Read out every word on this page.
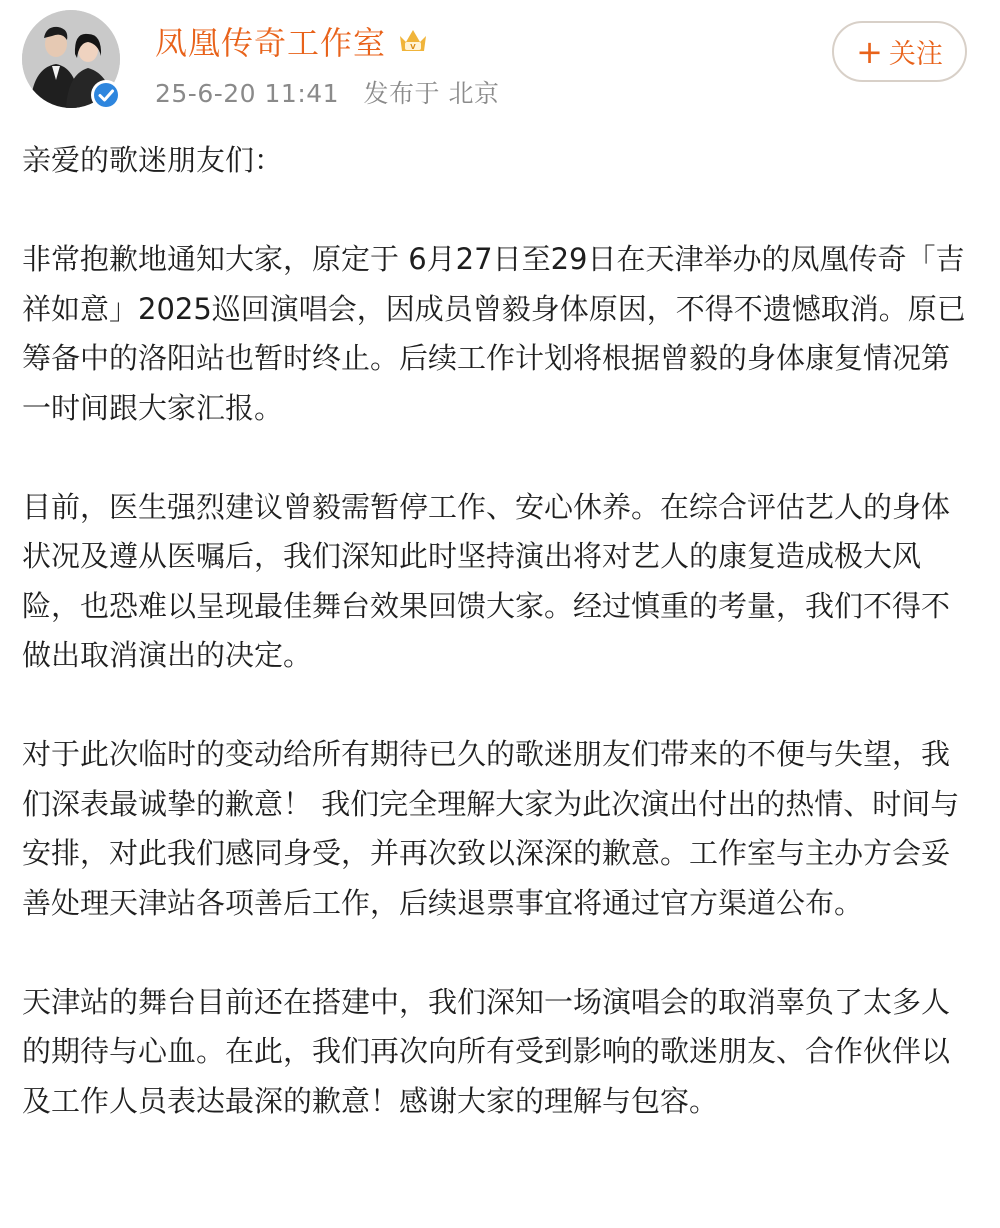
凤凰传奇工作室	V
25-6-20 11:41 发布于 北京
+ 关注

亲爱的歌迷朋友们：

非常抱歉地通知大家，原定于 6月27日至29日在天津举办的凤凰传奇「吉祥如意」2025巡回演唱会，因成员曾毅身体原因，不得不遗憾取消。原已筹备中的洛阳站也暂时终止。后续工作计划将根据曾毅的身体康复情况第一时间跟大家汇报。

目前，医生强烈建议曾毅需暂停工作、安心休养。在综合评估艺人的身体状况及遵从医嘱后，我们深知此时坚持演出将对艺人的康复造成极大风险，也恐难以呈现最佳舞台效果回馈大家。经过慎重的考量，我们不得不做出取消演出的决定。

对于此次临时的变动给所有期待已久的歌迷朋友们带来的不便与失望，我们深表最诚挚的歉意！ 我们完全理解大家为此次演出付出的热情、时间与安排，对此我们感同身受，并再次致以深深的歉意。工作室与主办方会妥善处理天津站各项善后工作，后续退票事宜将通过官方渠道公布。

天津站的舞台目前还在搭建中，我们深知一场演唱会的取消辜负了太多人的期待与心血。在此，我们再次向所有受到影响的歌迷朋友、合作伙伴以及工作人员表达最深的歉意！感谢大家的理解与包容。
